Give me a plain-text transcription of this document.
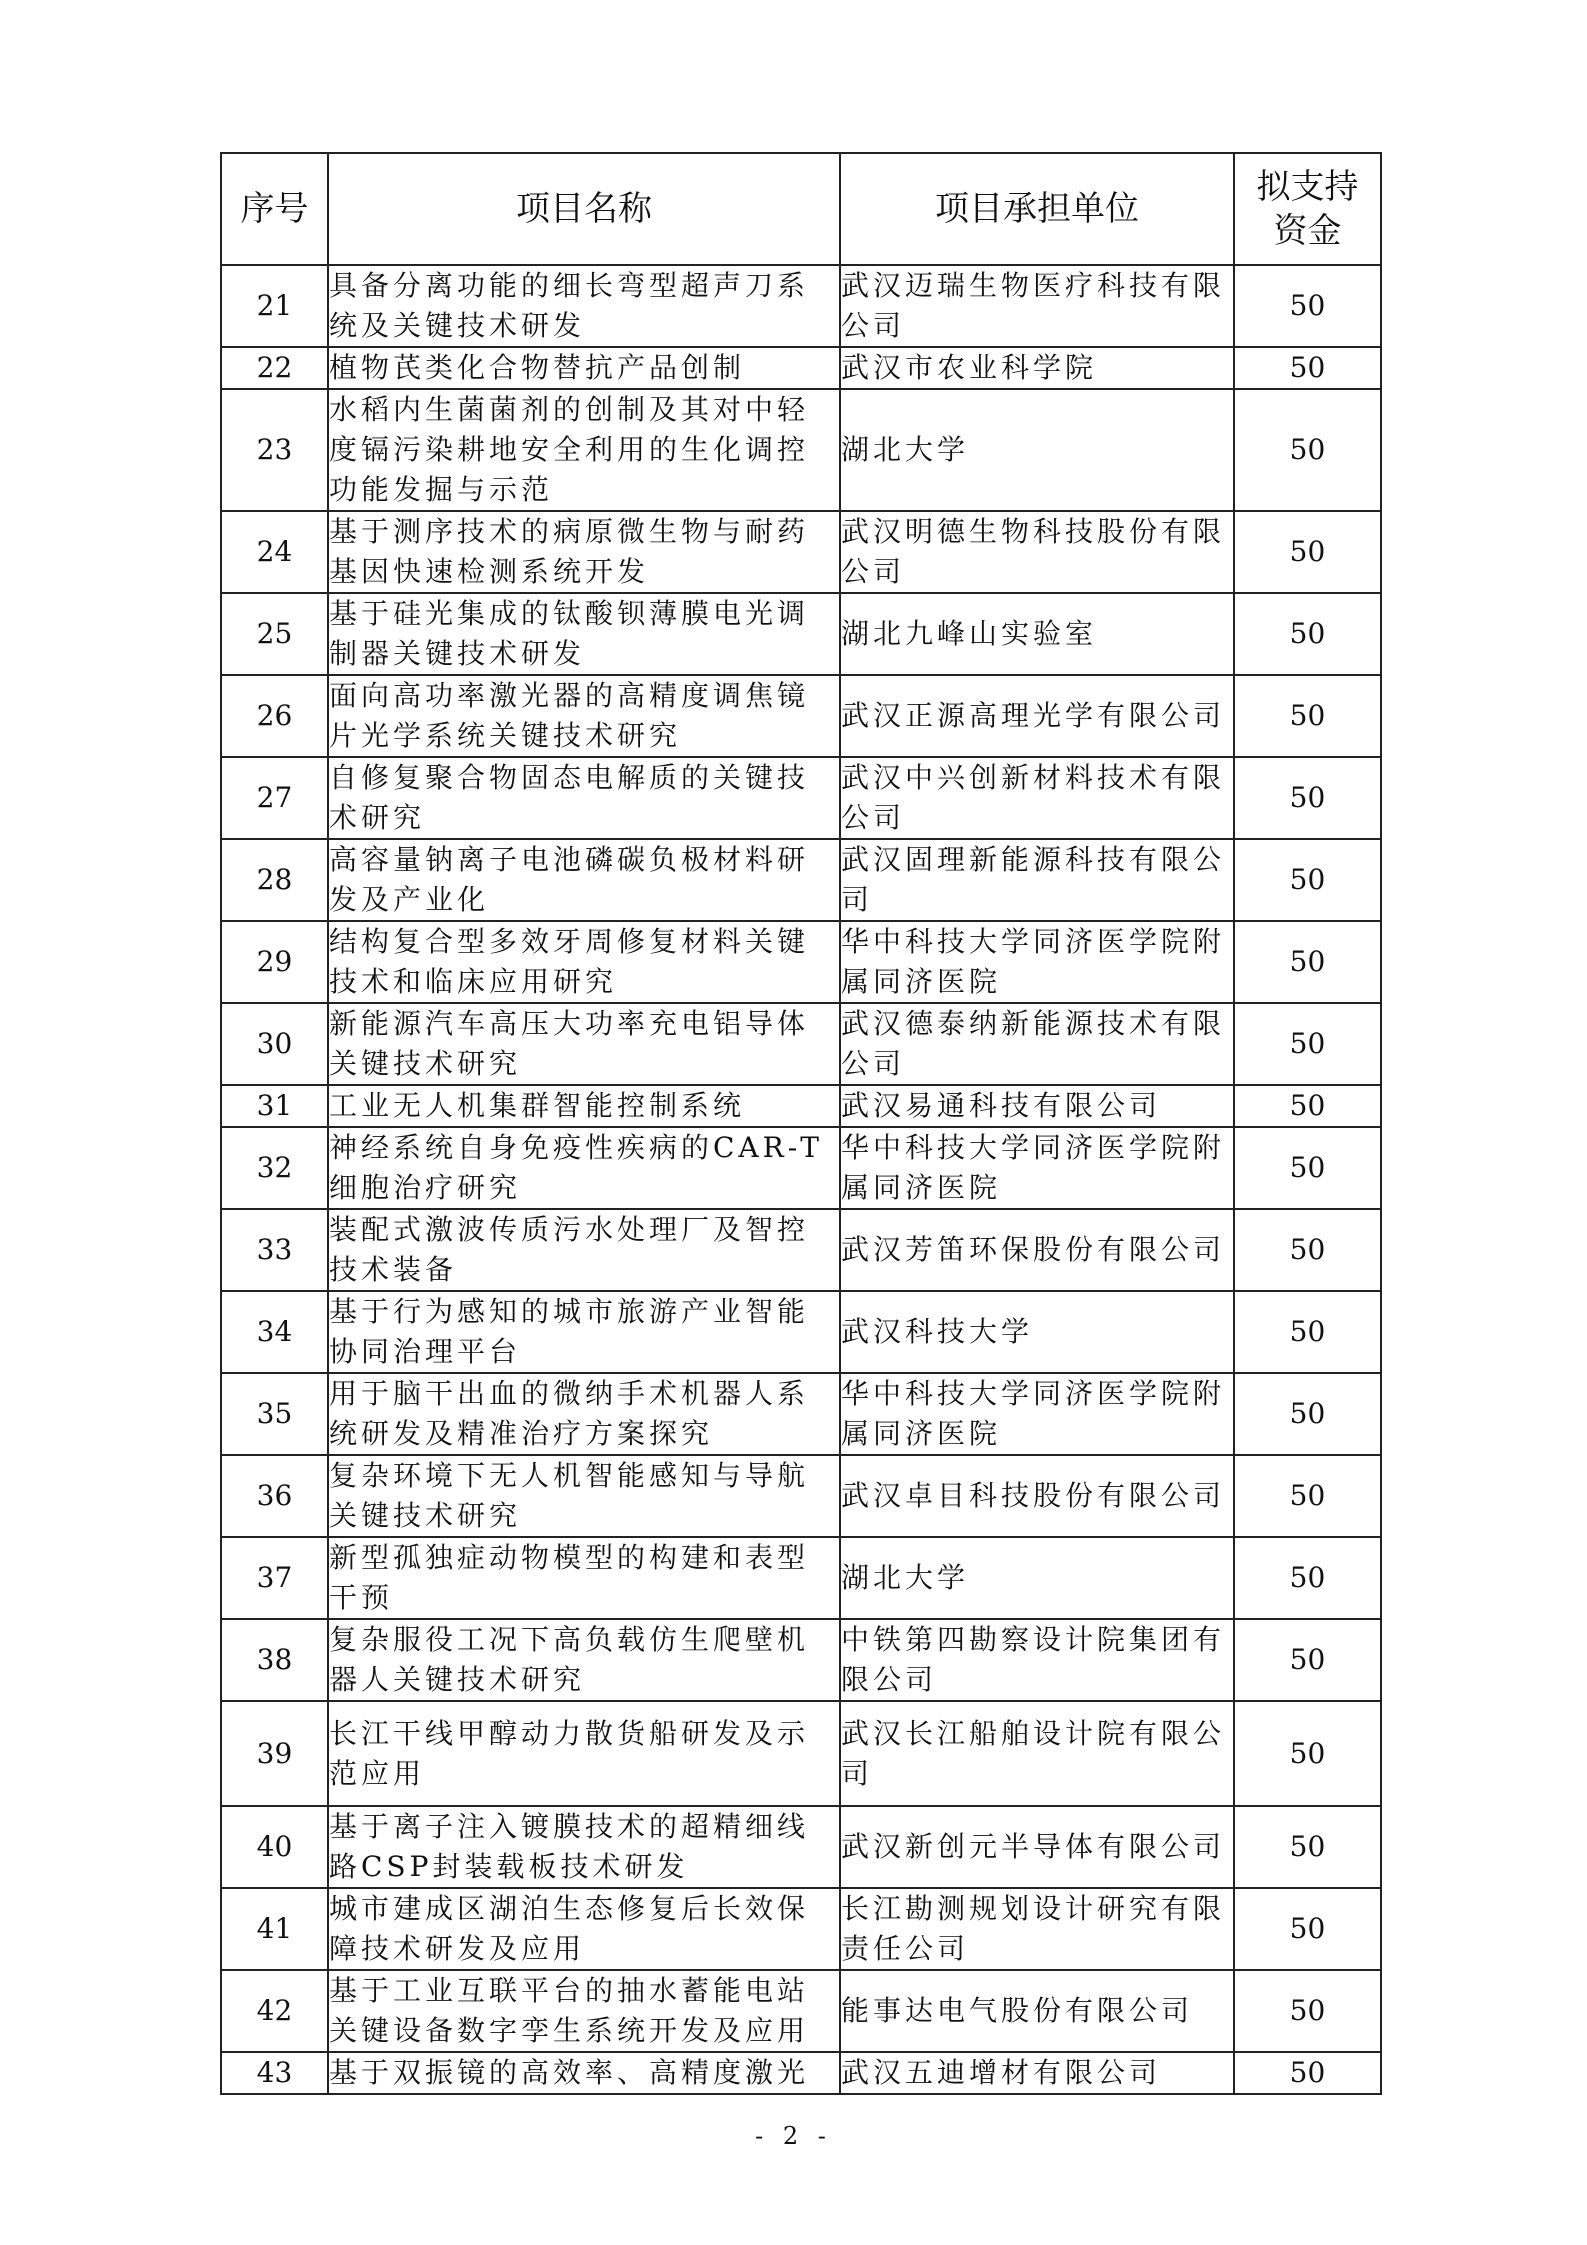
序号	项目名称	项目承担单位	拟支持资金
21	具备分离功能的细长弯型超声刀系统及关键技术研发	武汉迈瑞生物医疗科技有限公司	50
22	植物芪类化合物替抗产品创制	武汉市农业科学院	50
23	水稻内生菌菌剂的创制及其对中轻度镉污染耕地安全利用的生化调控功能发掘与示范	湖北大学	50
24	基于测序技术的病原微生物与耐药基因快速检测系统开发	武汉明德生物科技股份有限公司	50
25	基于硅光集成的钛酸钡薄膜电光调制器关键技术研发	湖北九峰山实验室	50
26	面向高功率激光器的高精度调焦镜片光学系统关键技术研究	武汉正源高理光学有限公司	50
27	自修复聚合物固态电解质的关键技术研究	武汉中兴创新材料技术有限公司	50
28	高容量钠离子电池磷碳负极材料研发及产业化	武汉固理新能源科技有限公司	50
29	结构复合型多效牙周修复材料关键技术和临床应用研究	华中科技大学同济医学院附属同济医院	50
30	新能源汽车高压大功率充电铝导体关键技术研究	武汉德泰纳新能源技术有限公司	50
31	工业无人机集群智能控制系统	武汉易通科技有限公司	50
32	神经系统自身免疫性疾病的CAR-T细胞治疗研究	华中科技大学同济医学院附属同济医院	50
33	装配式激波传质污水处理厂及智控技术装备	武汉芳笛环保股份有限公司	50
34	基于行为感知的城市旅游产业智能协同治理平台	武汉科技大学	50
35	用于脑干出血的微纳手术机器人系统研发及精准治疗方案探究	华中科技大学同济医学院附属同济医院	50
36	复杂环境下无人机智能感知与导航关键技术研究	武汉卓目科技股份有限公司	50
37	新型孤独症动物模型的构建和表型干预	湖北大学	50
38	复杂服役工况下高负载仿生爬壁机器人关键技术研究	中铁第四勘察设计院集团有限公司	50
39	长江干线甲醇动力散货船研发及示范应用	武汉长江船舶设计院有限公司	50
40	基于离子注入镀膜技术的超精细线路CSP封装载板技术研发	武汉新创元半导体有限公司	50
41	城市建成区湖泊生态修复后长效保障技术研发及应用	长江勘测规划设计研究有限责任公司	50
42	基于工业互联平台的抽水蓄能电站关键设备数字孪生系统开发及应用	能事达电气股份有限公司	50
43	基于双振镜的高效率、高精度激光	武汉五迪增材有限公司	50
- 2 -
